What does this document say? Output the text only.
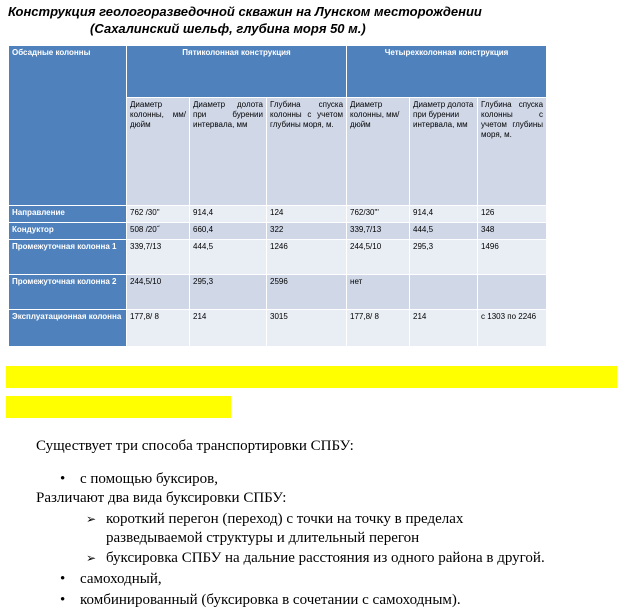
Конструкция геологоразведочной скважин на Лунском месторождении
(Сахалинский шельф, глубина моря 50 м.)
Обсадные колонны	Пятиколонная конструкция			Четырехколонная конструкция		
	Диаметр колонны, мм/дюйм	Диаметр долота при бурении интервала, мм	Глубина спуска колонны с учетом глубины моря, м.	Диаметр колонны, мм/дюйм	Диаметр долота при бурении интервала, мм	Глубина спуска колонны с учетом глубины моря, м.
Направление	762 /30"	914,4	124	762/30"'	914,4	126
Кондуктор	508 /20˝	660,4	322	339,7/13	444,5	348
Промежуточная колонна 1	339,7/13	444,5	1246	244,5/10	295,3	1496
Промежуточная колонна 2	244,5/10	295,3	2596	нет		
Эксплуатационная колонна	177,8/ 8	214	3015	177,8/ 8	214	с 1303 по 2246
Существует три способа транспортировки СПБУ:
• с помощью буксиров,
Различают два вида буксировки СПБУ:
➢ короткий перегон (переход) с точки на точку в пределах
разведываемой структуры и длительный перегон
➢ буксировка СПБУ на дальние расстояния из одного района в другой.
• самоходный,
• комбинированный (буксировка в сочетании с самоходным).
